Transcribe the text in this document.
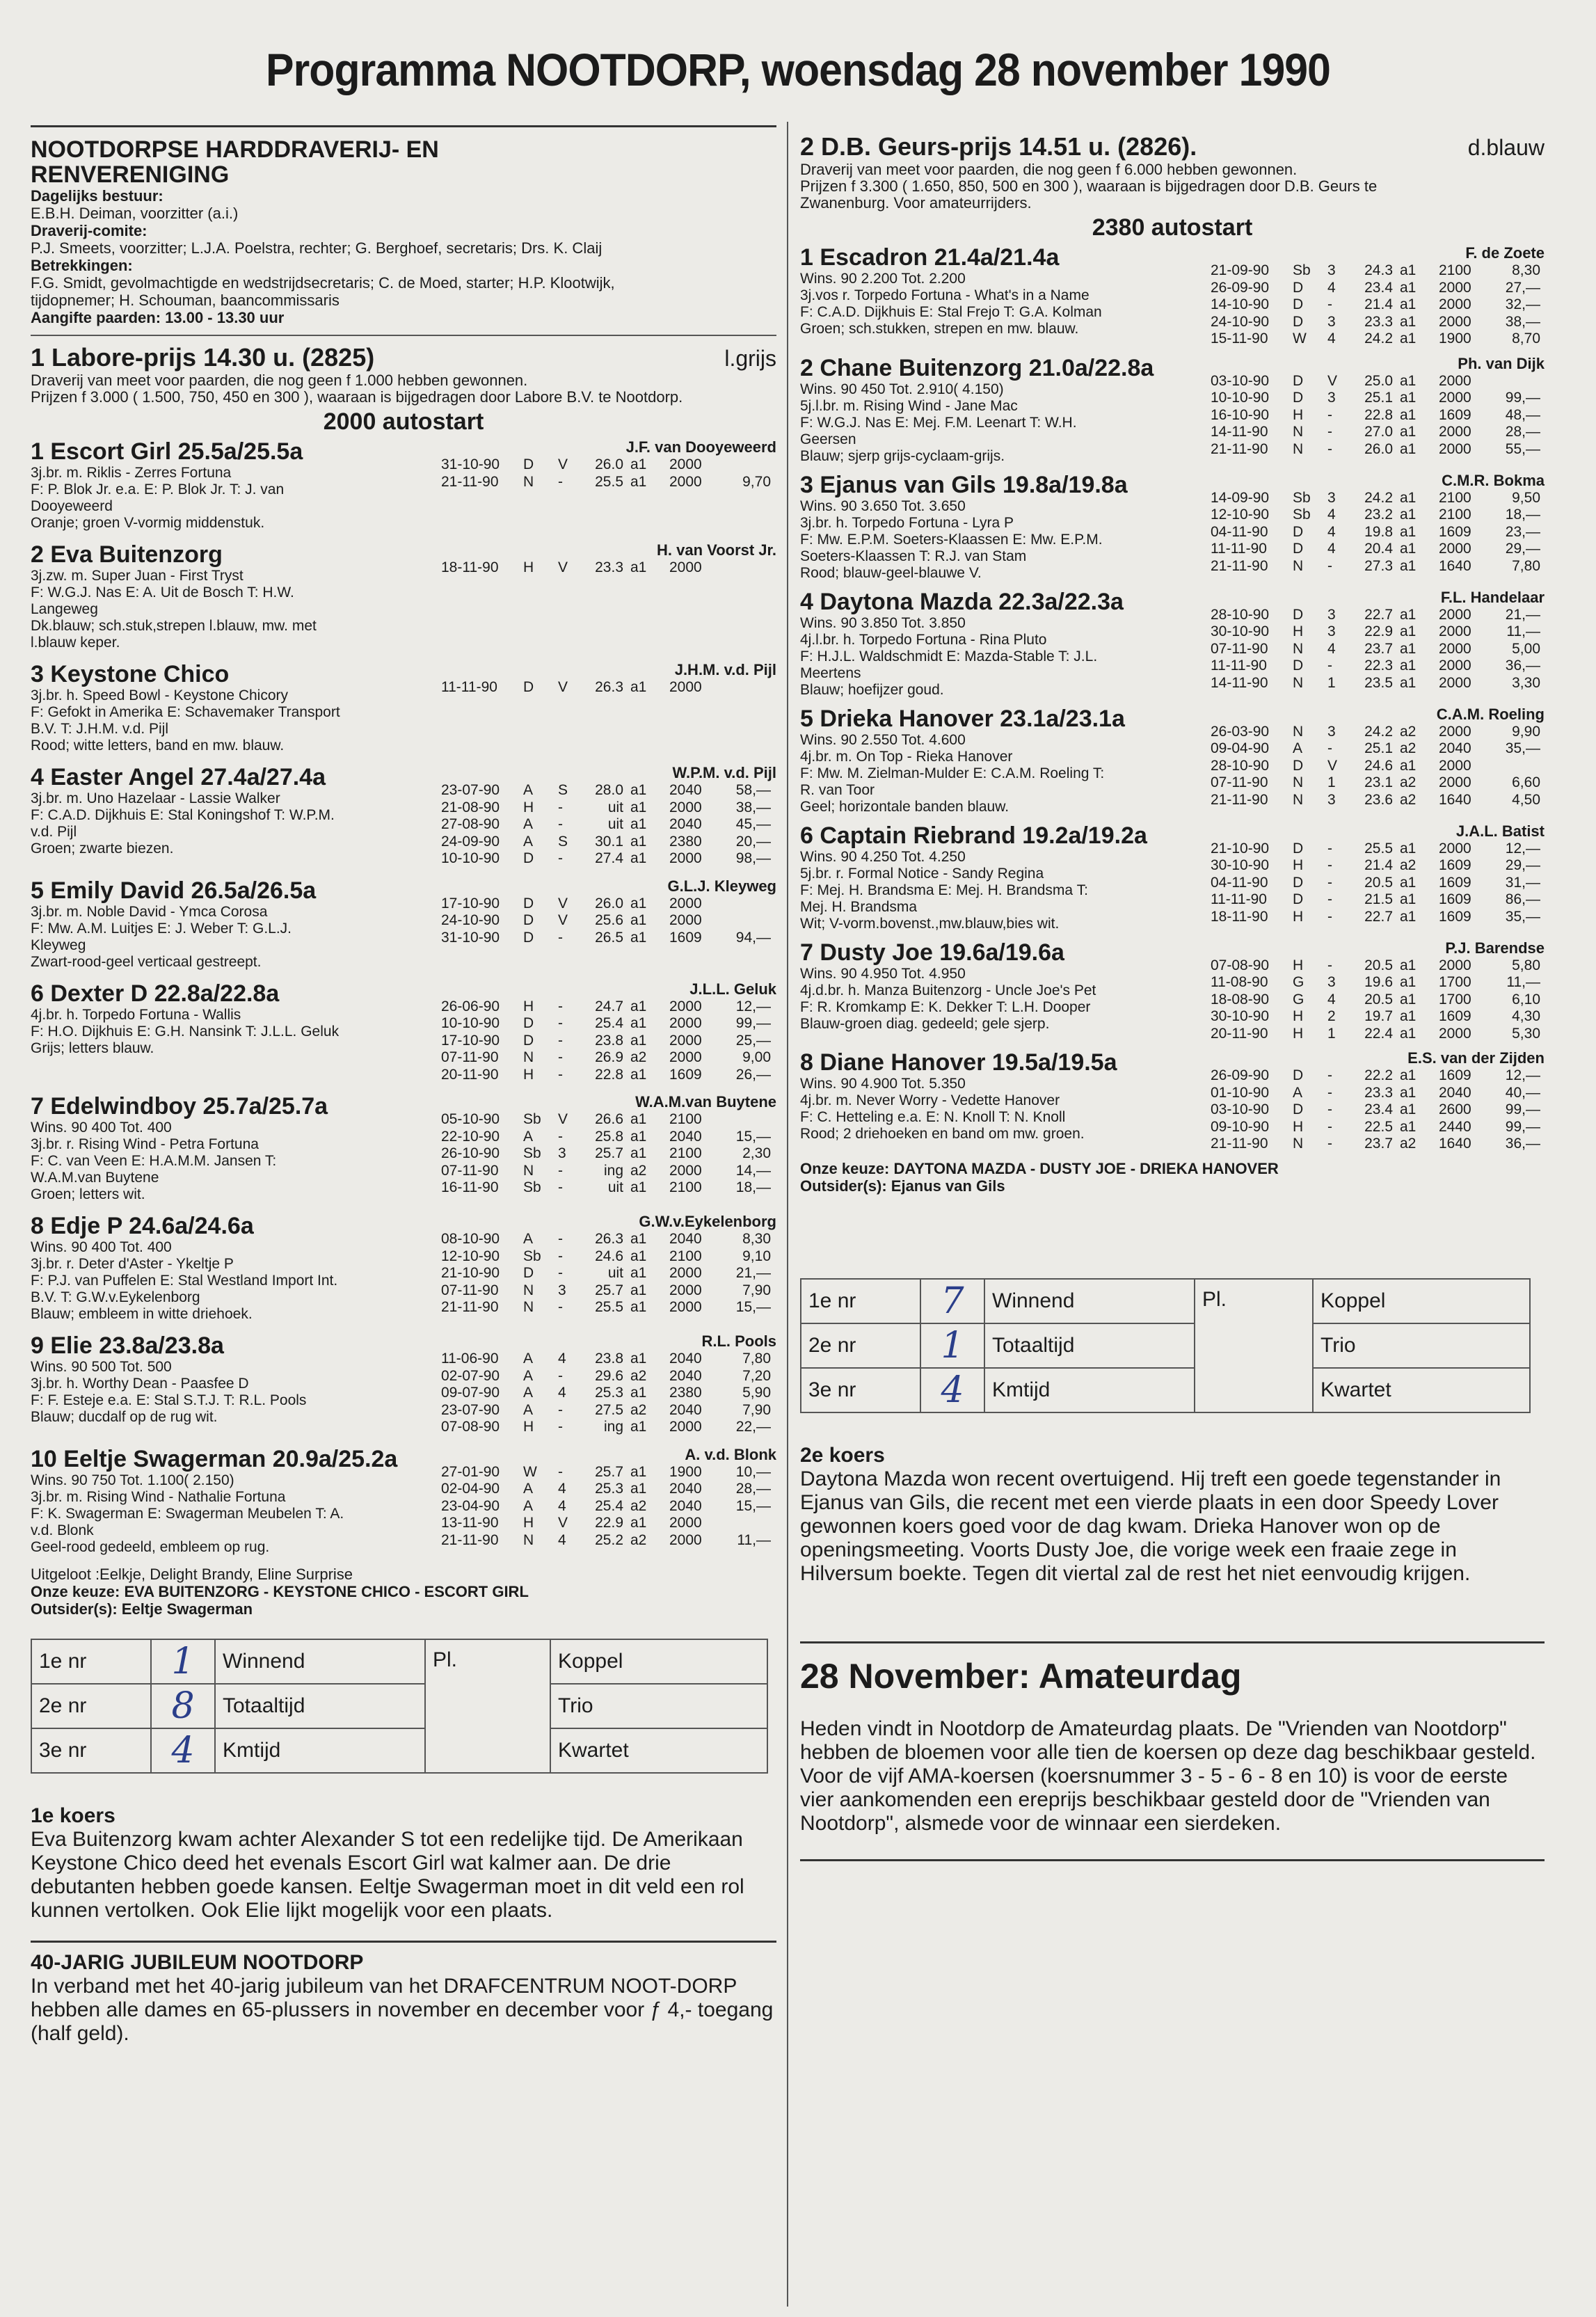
Programma NOOTDORP, woensdag 28 november 1990
NOOTDORPSE HARDDRAVERIJ- EN
RENVERENIGING
Dagelijks bestuur:
E.B.H. Deiman, voorzitter (a.i.)
Draverij-comite:
P.J. Smeets, voorzitter; L.J.A. Poelstra, rechter; G. Berghoef, secretaris; Drs. K. Claij
Betrekkingen:
F.G. Smidt, gevolmachtigde en wedstrijdsecretaris; C. de Moed, starter; H.P. Klootwijk,
tijdopnemer; H. Schouman, baancommissaris
Aangifte paarden: 13.00 - 13.30 uur
1 Labore-prijs 14.30 u. (2825)	l.grijs
Draverij van meet voor paarden, die nog geen f 1.000 hebben gewonnen.
Prijzen f 3.000 ( 1.500, 750, 450 en 300 ), waaraan is bijgedragen door Labore B.V. te Nootdorp.
2000 autostart
1 Escort Girl 25.5a/25.5a
3j.br. m. Riklis - Zerres Fortuna
F: P. Blok Jr. e.a. E: P. Blok Jr. T: J. van
Dooyeweerd
Oranje; groen V-vormig middenstuk.
J.F. van Dooyeweerd
31-10-90	D	V	26.0 a1	2000
21-11-90	N	-	25.5 a1	2000	9,70
2 Eva Buitenzorg
3j.zw. m. Super Juan - First Tryst
F: W.G.J. Nas E: A. Uit de Bosch T: H.W.
Langeweg
Dk.blauw; sch.stuk,strepen l.blauw, mw. met
l.blauw keper.
H. van Voorst Jr.
18-11-90	H	V	23.3 a1	2000
3 Keystone Chico
3j.br. h. Speed Bowl - Keystone Chicory
F: Gefokt in Amerika E: Schavemaker Transport
B.V. T: J.H.M. v.d. Pijl
Rood; witte letters, band en mw. blauw.
J.H.M. v.d. Pijl
11-11-90	D	V	26.3 a1	2000
4 Easter Angel 27.4a/27.4a
3j.br. m. Uno Hazelaar - Lassie Walker
F: C.A.D. Dijkhuis E: Stal Koningshof T: W.P.M.
v.d. Pijl
Groen; zwarte biezen.
W.P.M. v.d. Pijl
23-07-90	A	S	28.0 a1	2040	58,—
21-08-90	H	-	uit a1	2000	38,—
27-08-90	A	-	uit a1	2040	45,—
24-09-90	A	S	30.1 a1	2380	20,—
10-10-90	D	-	27.4 a1	2000	98,—
5 Emily David 26.5a/26.5a
3j.br. m. Noble David - Ymca Corosa
F: Mw. A.M. Luitjes E: J. Weber T: G.L.J.
Kleyweg
Zwart-rood-geel verticaal gestreept.
G.L.J. Kleyweg
17-10-90	D	V	26.0 a1	2000
24-10-90	D	V	25.6 a1	2000
31-10-90	D	-	26.5 a1	1609	94,—
6 Dexter D 22.8a/22.8a
4j.br. h. Torpedo Fortuna - Wallis
F: H.O. Dijkhuis E: G.H. Nansink T: J.L.L. Geluk
Grijs; letters blauw.
J.L.L. Geluk
26-06-90	H	-	24.7 a1	2000	12,—
10-10-90	D	-	25.4 a1	2000	99,—
17-10-90	D	-	23.8 a1	2000	25,—
07-11-90	N	-	26.9 a2	2000	9,00
20-11-90	H	-	22.8 a1	1609	26,—
7 Edelwindboy 25.7a/25.7a
Wins. 90 400 Tot. 400
3j.br. r. Rising Wind - Petra Fortuna
F: C. van Veen E: H.A.M.M. Jansen T:
W.A.M.van Buytene
Groen; letters wit.
W.A.M.van Buytene
05-10-90	Sb	V	26.6 a1	2100
22-10-90	A	-	25.8 a1	2040	15,—
26-10-90	Sb	3	25.7 a1	2100	2,30
07-11-90	N	-	ing a2	2000	14,—
16-11-90	Sb	-	uit a1	2100	18,—
8 Edje P 24.6a/24.6a
Wins. 90 400 Tot. 400
3j.br. r. Deter d'Aster - Ykeltje P
F: P.J. van Puffelen E: Stal Westland Import Int.
B.V. T: G.W.v.Eykelenborg
Blauw; embleem in witte driehoek.
G.W.v.Eykelenborg
08-10-90	A	-	26.3 a1	2040	8,30
12-10-90	Sb	-	24.6 a1	2100	9,10
21-10-90	D	-	uit a1	2000	21,—
07-11-90	N	3	25.7 a1	2000	7,90
21-11-90	N	-	25.5 a1	2000	15,—
9 Elie 23.8a/23.8a
Wins. 90 500 Tot. 500
3j.br. h. Worthy Dean - Paasfee D
F: F. Esteje e.a. E: Stal S.T.J. T: R.L. Pools
Blauw; ducdalf op de rug wit.
R.L. Pools
11-06-90	A	4	23.8 a1	2040	7,80
02-07-90	A	-	29.6 a2	2040	7,20
09-07-90	A	4	25.3 a1	2380	5,90
23-07-90	A	-	27.5 a2	2040	7,90
07-08-90	H	-	ing a1	2000	22,—
10 Eeltje Swagerman 20.9a/25.2a
Wins. 90 750 Tot. 1.100( 2.150)
3j.br. m. Rising Wind - Nathalie Fortuna
F: K. Swagerman E: Swagerman Meubelen T: A.
v.d. Blonk
Geel-rood gedeeld, embleem op rug.
A. v.d. Blonk
27-01-90	W	-	25.7 a1	1900	10,—
02-04-90	A	4	25.3 a1	2040	28,—
23-04-90	A	4	25.4 a2	2040	15,—
13-11-90	H	V	22.9 a1	2000
21-11-90	N	4	25.2 a2	2000	11,—
Uitgeloot :Eelkje, Delight Brandy, Eline Surprise
Onze keuze: EVA BUITENZORG - KEYSTONE CHICO - ESCORT GIRL
Outsider(s): Eeltje Swagerman
1e nr	1	Winnend	Pl.	Koppel
2e nr	8	Totaaltijd		Trio
3e nr	4	Kmtijd		Kwartet
1e koers
Eva Buitenzorg kwam achter Alexander S tot een redelijke tijd. De Amerikaan Keystone Chico deed het evenals Escort Girl wat kalmer aan. De drie debutanten hebben goede kansen. Eeltje Swagerman moet in dit veld een rol kunnen vertolken. Ook Elie lijkt mogelijk voor een plaats.
40-JARIG JUBILEUM NOOTDORP
In verband met het 40-jarig jubileum van het DRAFCENTRUM NOOT-DORP hebben alle dames en 65-plussers in november en december voor ƒ 4,- toegang (half geld).
2 D.B. Geurs-prijs 14.51 u. (2826).	d.blauw
Draverij van meet voor paarden, die nog geen f 6.000 hebben gewonnen.
Prijzen f 3.300 ( 1.650, 850, 500 en 300 ), waaraan is bijgedragen door D.B. Geurs te
Zwanenburg. Voor amateurrijders.
2380 autostart
1 Escadron 21.4a/21.4a
Wins. 90 2.200 Tot. 2.200
3j.vos r. Torpedo Fortuna - What's in a Name
F: C.A.D. Dijkhuis E: Stal Frejo T: G.A. Kolman
Groen; sch.stukken, strepen en mw. blauw.
F. de Zoete
21-09-90	Sb	3	24.3 a1	2100	8,30
26-09-90	D	4	23.4 a1	2000	27,—
14-10-90	D	-	21.4 a1	2000	32,—
24-10-90	D	3	23.3 a1	2000	38,—
15-11-90	W	4	24.2 a1	1900	8,70
2 Chane Buitenzorg 21.0a/22.8a
Wins. 90 450 Tot. 2.910( 4.150)
5j.l.br. m. Rising Wind - Jane Mac
F: W.G.J. Nas E: Mej. F.M. Leenart T: W.H.
Geersen
Blauw; sjerp grijs-cyclaam-grijs.
Ph. van Dijk
03-10-90	D	V	25.0 a1	2000
10-10-90	D	3	25.1 a1	2000	99,—
16-10-90	H	-	22.8 a1	1609	48,—
14-11-90	N	-	27.0 a1	2000	28,—
21-11-90	N	-	26.0 a1	2000	55,—
3 Ejanus van Gils 19.8a/19.8a
Wins. 90 3.650 Tot. 3.650
3j.br. h. Torpedo Fortuna - Lyra P
F: Mw. E.P.M. Soeters-Klaassen E: Mw. E.P.M.
Soeters-Klaassen T: R.J. van Stam
Rood; blauw-geel-blauwe V.
C.M.R. Bokma
14-09-90	Sb	3	24.2 a1	2100	9,50
12-10-90	Sb	4	23.2 a1	2100	18,—
04-11-90	D	4	19.8 a1	1609	23,—
11-11-90	D	4	20.4 a1	2000	29,—
21-11-90	N	-	27.3 a1	1640	7,80
4 Daytona Mazda 22.3a/22.3a
Wins. 90 3.850 Tot. 3.850
4j.l.br. h. Torpedo Fortuna - Rina Pluto
F: H.J.L. Waldschmidt E: Mazda-Stable T: J.L.
Meertens
Blauw; hoefijzer goud.
F.L. Handelaar
28-10-90	D	3	22.7 a1	2000	21,—
30-10-90	H	3	22.9 a1	2000	11,—
07-11-90	N	4	23.7 a1	2000	5,00
11-11-90	D	-	22.3 a1	2000	36,—
14-11-90	N	1	23.5 a1	2000	3,30
5 Drieka Hanover 23.1a/23.1a
Wins. 90 2.550 Tot. 4.600
4j.br. m. On Top - Rieka Hanover
F: Mw. M. Zielman-Mulder E: C.A.M. Roeling T:
R. van Toor
Geel; horizontale banden blauw.
C.A.M. Roeling
26-03-90	N	3	24.2 a2	2000	9,90
09-04-90	A	-	25.1 a2	2040	35,—
28-10-90	D	V	24.6 a1	2000
07-11-90	N	1	23.1 a2	2000	6,60
21-11-90	N	3	23.6 a2	1640	4,50
6 Captain Riebrand 19.2a/19.2a
Wins. 90 4.250 Tot. 4.250
5j.br. r. Formal Notice - Sandy Regina
F: Mej. H. Brandsma E: Mej. H. Brandsma T:
Mej. H. Brandsma
Wit; V-vorm.bovenst.,mw.blauw,bies wit.
J.A.L. Batist
21-10-90	D	-	25.5 a1	2000	12,—
30-10-90	H	-	21.4 a2	1609	29,—
04-11-90	D	-	20.5 a1	1609	31,—
11-11-90	D	-	21.5 a1	1609	86,—
18-11-90	H	-	22.7 a1	1609	35,—
7 Dusty Joe 19.6a/19.6a
Wins. 90 4.950 Tot. 4.950
4j.d.br. h. Manza Buitenzorg - Uncle Joe's Pet
F: R. Kromkamp E: K. Dekker T: L.H. Dooper
Blauw-groen diag. gedeeld; gele sjerp.
P.J. Barendse
07-08-90	H	-	20.5 a1	2000	5,80
11-08-90	G	3	19.6 a1	1700	11,—
18-08-90	G	4	20.5 a1	1700	6,10
30-10-90	H	2	19.7 a1	1609	4,30
20-11-90	H	1	22.4 a1	2000	5,30
8 Diane Hanover 19.5a/19.5a
Wins. 90 4.900 Tot. 5.350
4j.br. m. Never Worry - Vedette Hanover
F: C. Hetteling e.a. E: N. Knoll T: N. Knoll
Rood; 2 driehoeken en band om mw. groen.
E.S. van der Zijden
26-09-90	D	-	22.2 a1	1609	12,—
01-10-90	A	-	23.3 a1	2040	40,—
03-10-90	D	-	23.4 a1	2600	99,—
09-10-90	H	-	22.5 a1	2440	99,—
21-11-90	N	-	23.7 a2	1640	36,—
Onze keuze: DAYTONA MAZDA - DUSTY JOE - DRIEKA HANOVER
Outsider(s): Ejanus van Gils
1e nr	7	Winnend	Pl.	Koppel
2e nr	1	Totaaltijd		Trio
3e nr	4	Kmtijd		Kwartet
2e koers
Daytona Mazda won recent overtuigend. Hij treft een goede tegenstander in Ejanus van Gils, die recent met een vierde plaats in een door Speedy Lover gewonnen koers goed voor de dag kwam. Drieka Hanover won op de openingsmeeting. Voorts Dusty Joe, die vorige week een fraaie zege in Hilversum boekte. Tegen dit viertal zal de rest het niet eenvoudig krijgen.
28 November: Amateurdag
Heden vindt in Nootdorp de Amateurdag plaats. De "Vrienden van Nootdorp" hebben de bloemen voor alle tien de koersen op deze dag beschikbaar gesteld. Voor de vijf AMA-koersen (koersnummer 3 - 5 - 6 - 8 en 10) is voor de eerste vier aankomenden een ereprijs beschikbaar gesteld door de "Vrienden van Nootdorp", alsmede voor de winnaar een sierdeken.
